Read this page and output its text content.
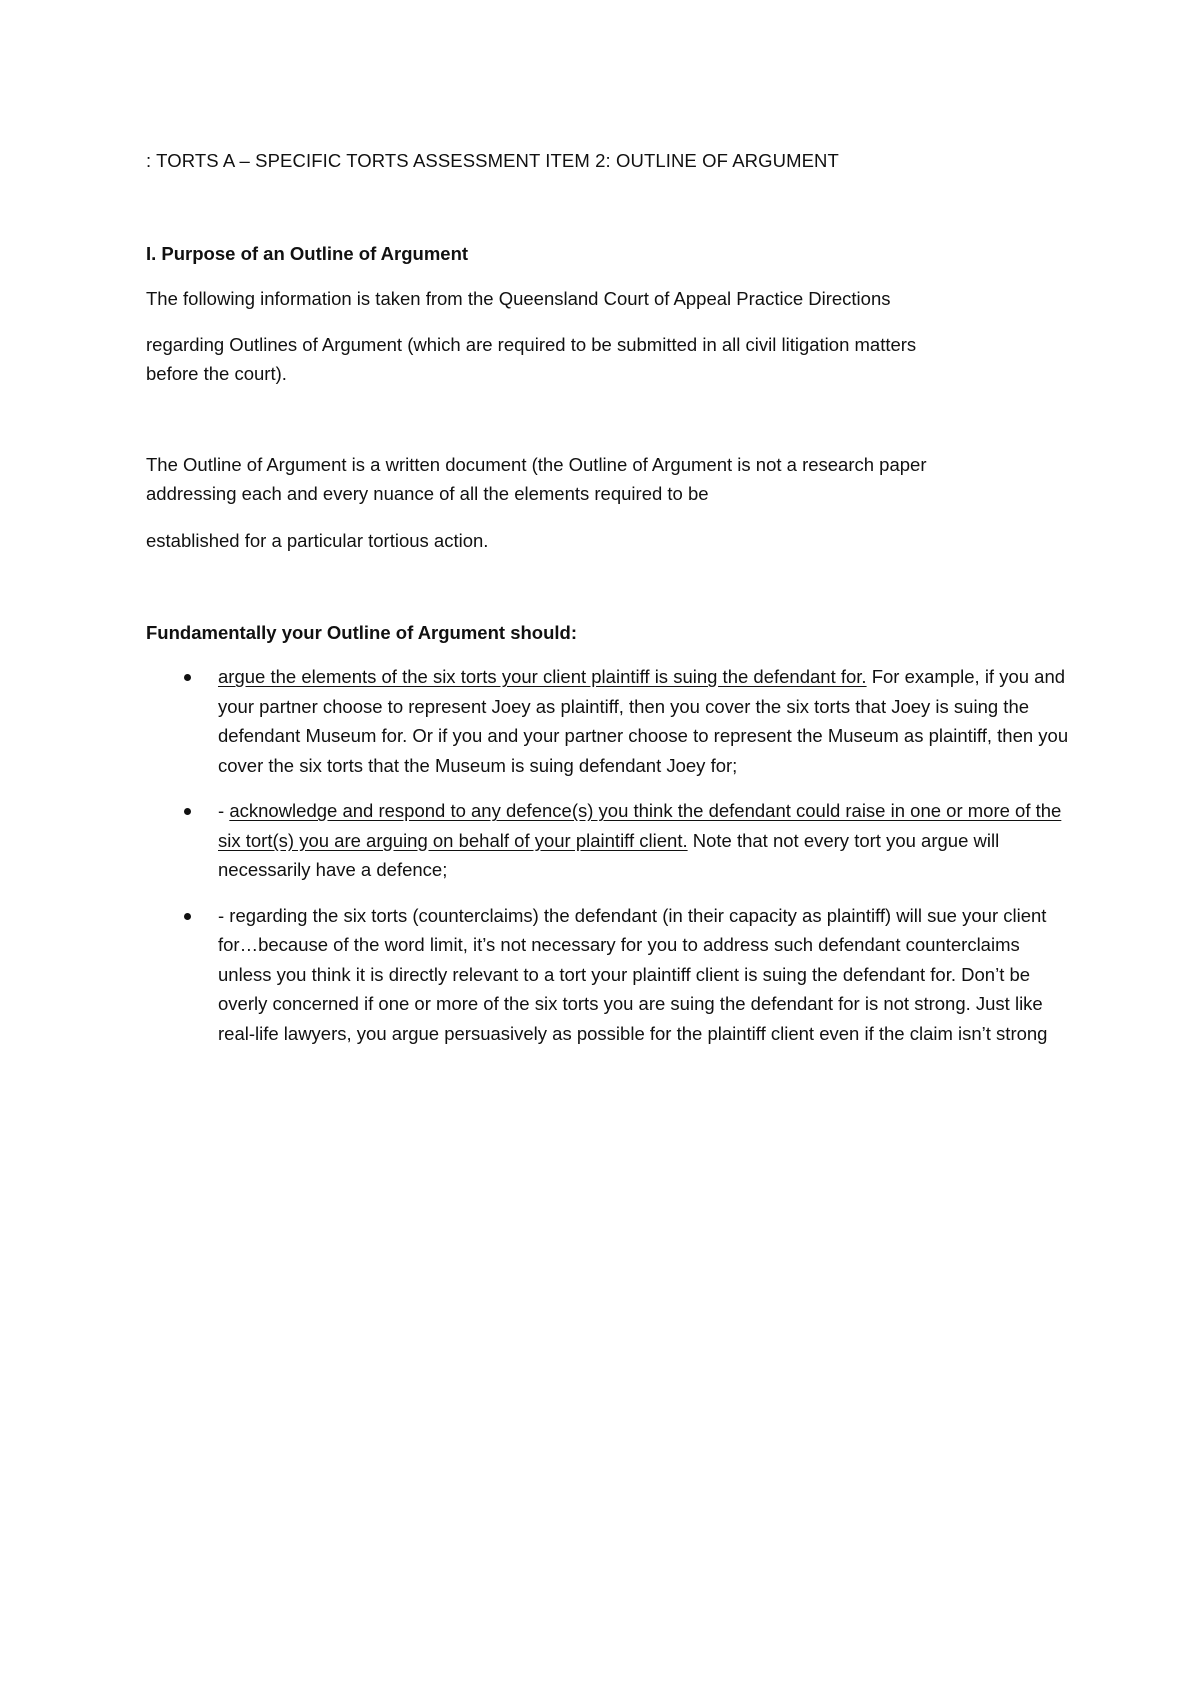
: TORTS A – SPECIFIC TORTS ASSESSMENT ITEM 2: OUTLINE OF ARGUMENT
I. Purpose of an Outline of Argument
The following information is taken from the Queensland Court of Appeal Practice Directions
regarding Outlines of Argument (which are required to be submitted in all civil litigation matters
before the court).
The Outline of Argument is a written document (the Outline of Argument is not a research paper
addressing each and every nuance of all the elements required to be
established for a particular tortious action.
Fundamentally your Outline of Argument should:
argue the elements of the six torts your client plaintiff is suing the defendant for. For example, if you and your partner choose to represent Joey as plaintiff, then you cover the six torts that Joey is suing the defendant Museum for. Or if you and your partner choose to represent the Museum as plaintiff, then you cover the six torts that the Museum is suing defendant Joey for;
- acknowledge and respond to any defence(s) you think the defendant could raise in one or more of the six tort(s) you are arguing on behalf of your plaintiff client. Note that not every tort you argue will necessarily have a defence;
- regarding the six torts (counterclaims) the defendant (in their capacity as plaintiff) will sue your client for…because of the word limit, it’s not necessary for you to address such defendant counterclaims unless you think it is directly relevant to a tort your plaintiff client is suing the defendant for. Don’t be overly concerned if one or more of the six torts you are suing the defendant for is not strong. Just like real-life lawyers, you argue persuasively as possible for the plaintiff client even if the claim isn’t strong
